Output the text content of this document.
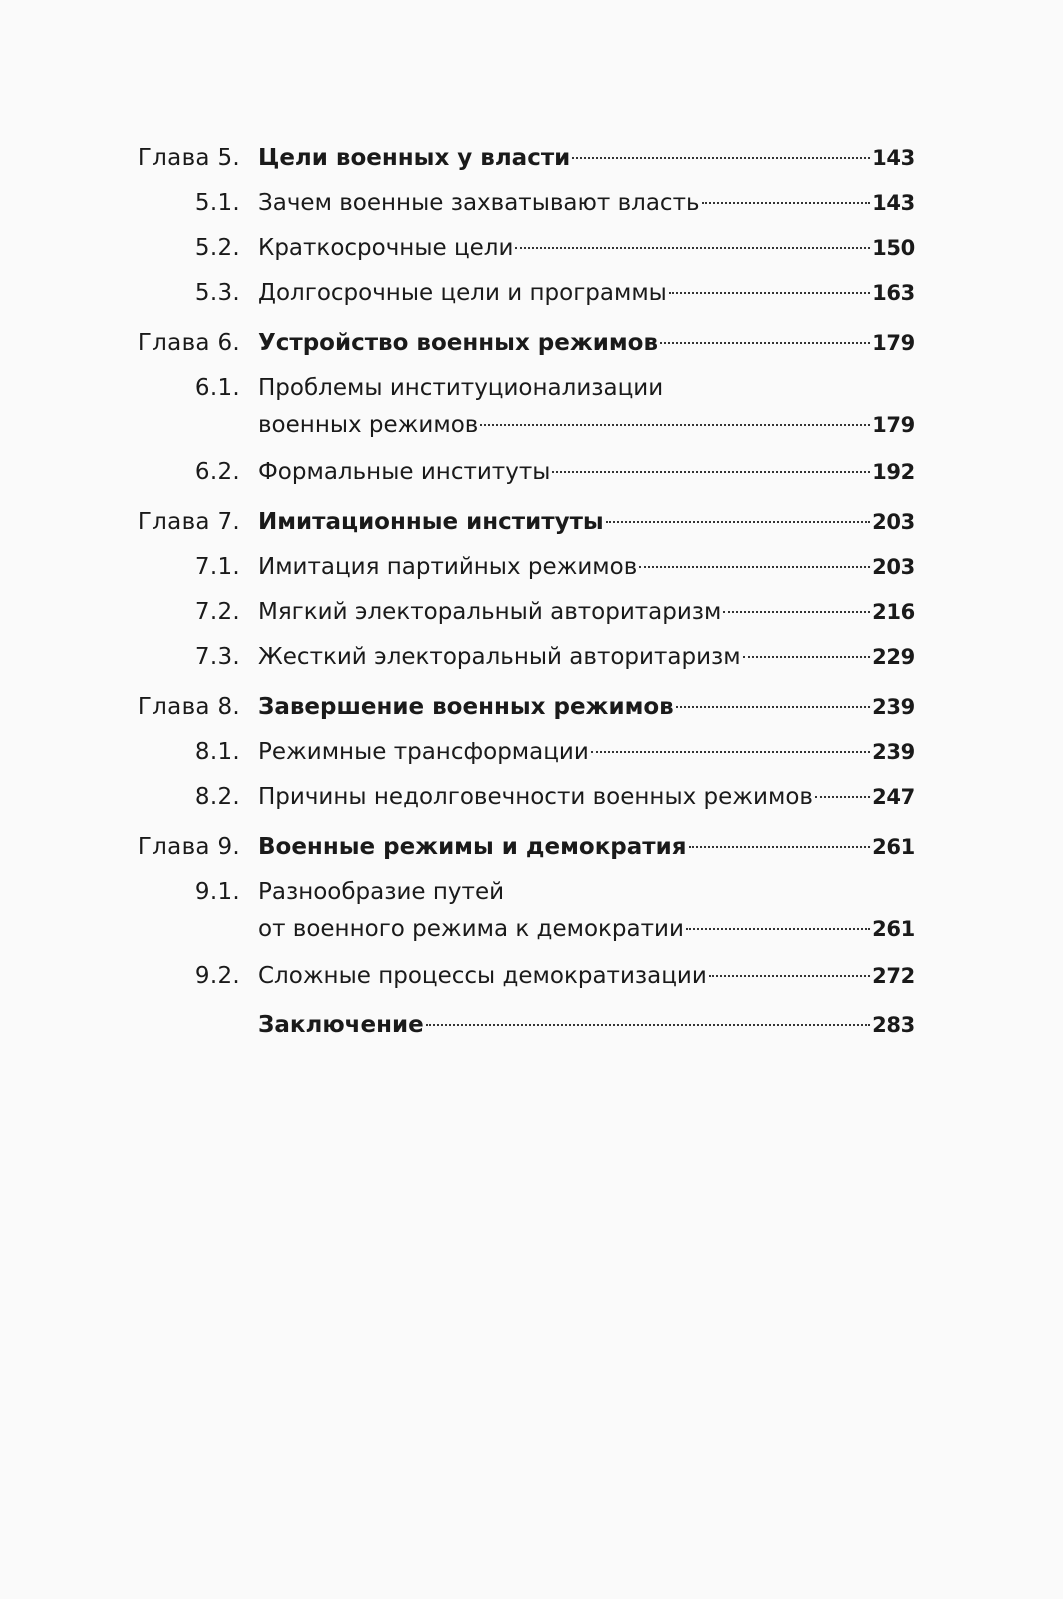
Глава 5. Цели военных у власти	143
5.1. Зачем военные захватывают власть	143
5.2. Краткосрочные цели	150
5.3. Долгосрочные цели и программы	163
Глава 6. Устройство военных режимов	179
6.1. Проблемы институционализации
военных режимов	179
6.2. Формальные институты	192
Глава 7. Имитационные институты	203
7.1. Имитация партийных режимов	203
7.2. Мягкий электоральный авторитаризм	216
7.3. Жесткий электоральный авторитаризм	229
Глава 8. Завершение военных режимов	239
8.1. Режимные трансформации	239
8.2. Причины недолговечности военных режимов	247
Глава 9. Военные режимы и демократия	261
9.1. Разнообразие путей
от военного режима к демократии	261
9.2. Сложные процессы демократизации	272
Заключение	283
